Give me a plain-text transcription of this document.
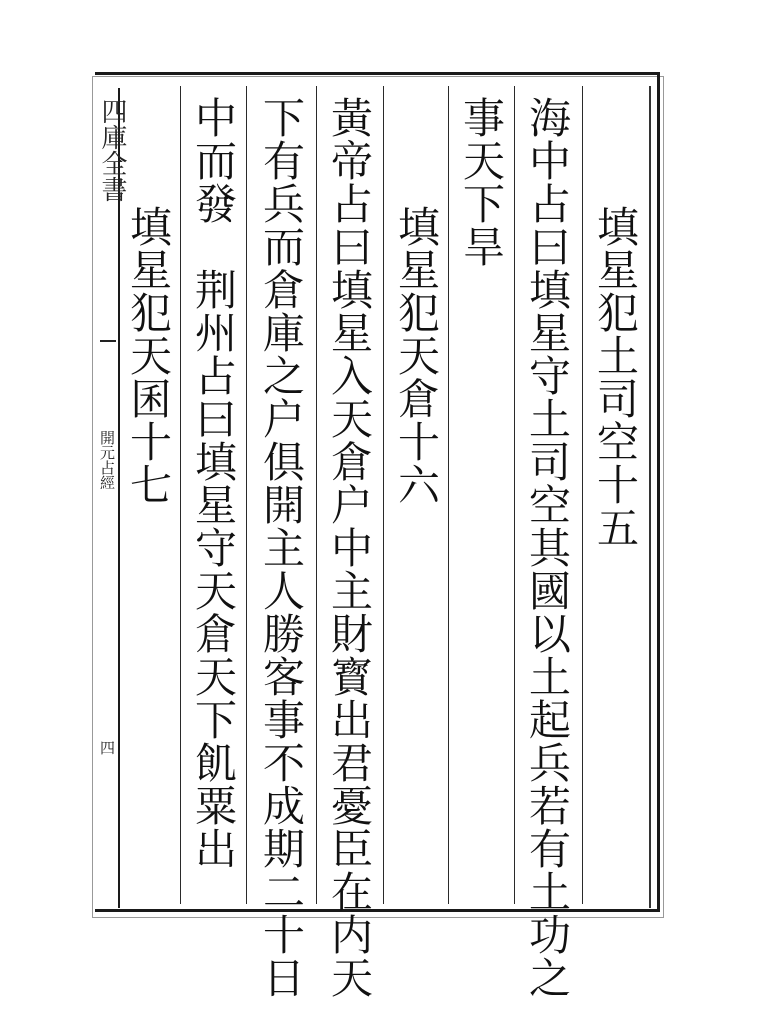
四庫全書
開元占經
四
填星犯土司空十五
海中占曰填星守土司空其國以土起兵若有土功之
事天下旱
填星犯天倉十六
黃帝占曰填星入天倉户中主財寳出君憂臣在内天
下有兵而倉庫之户俱開主人勝客事不成期二十日
中而發　荆州占曰填星守天倉天下飢粟出
填星犯天囷十七
